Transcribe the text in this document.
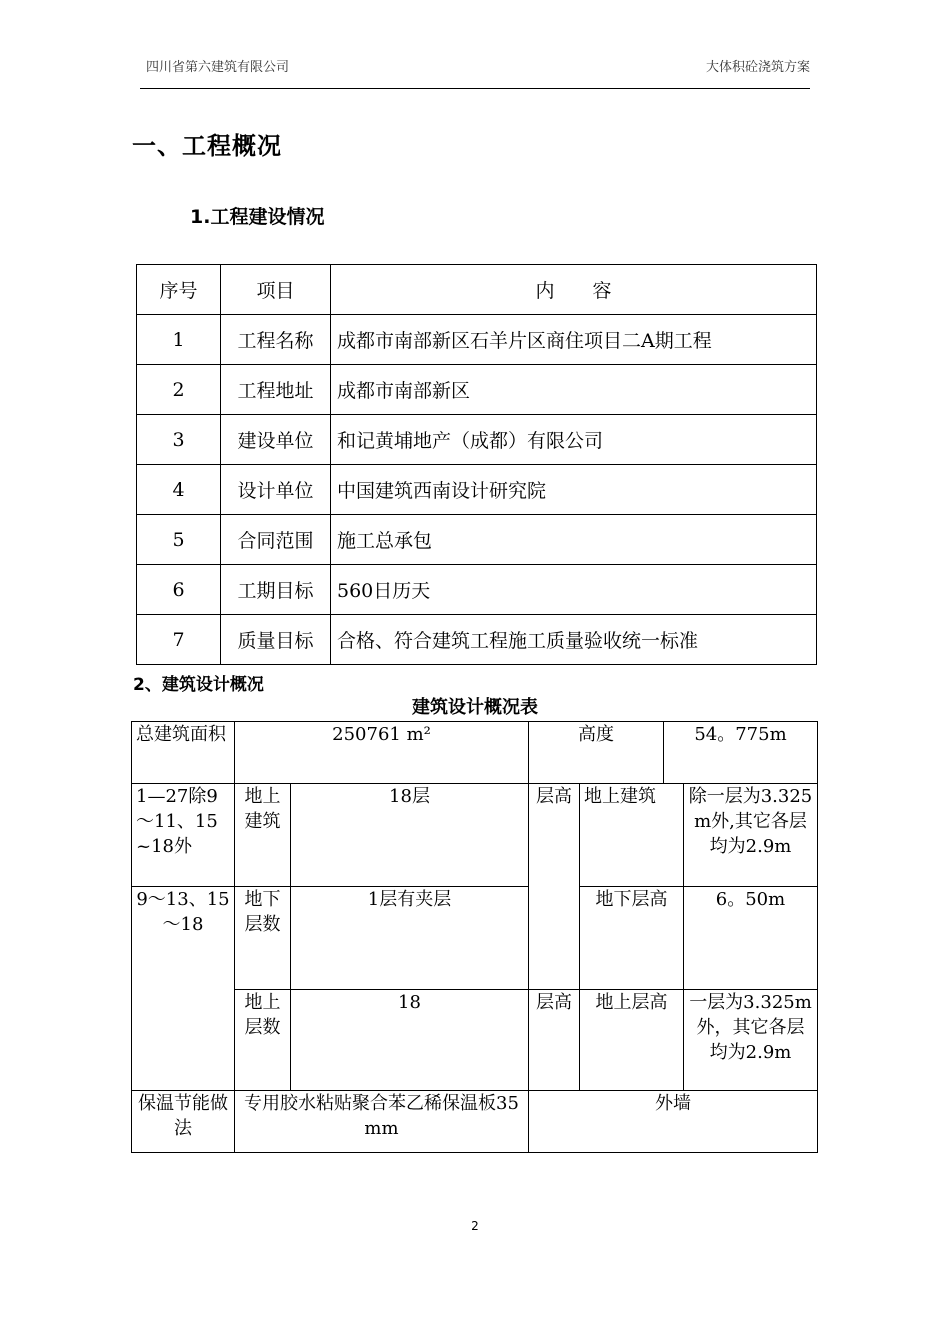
四川省第六建筑有限公司	大体积砼浇筑方案
一、工程概况
1.工程建设情况
序号	项目	内　　容
1	工程名称	成都市南部新区石羊片区商住项目二A期工程
2	工程地址	成都市南部新区
3	建设单位	和记黄埔地产（成都）有限公司
4	设计单位	中国建筑西南设计研究院
5	合同范围	施工总承包
6	工期目标	560日历天
7	质量目标	合格、符合建筑工程施工质量验收统一标准
2、建筑设计概况
建筑设计概况表
总建筑面积	250761 m²		高度		54。775m	
1—27除9～11、15~18外	地上建筑	18层	层高	地上建筑		除一层为3.325m外,其它各层均为2.9m
9～13、15～18	地下层数	1层有夹层		地下层高		6。50m
	地上层数	18	层高	地上层高		一层为3.325m外，其它各层均为2.9m
保温节能做法	专用胶水粘贴聚合苯乙稀保温板35mm		外墙			
2
